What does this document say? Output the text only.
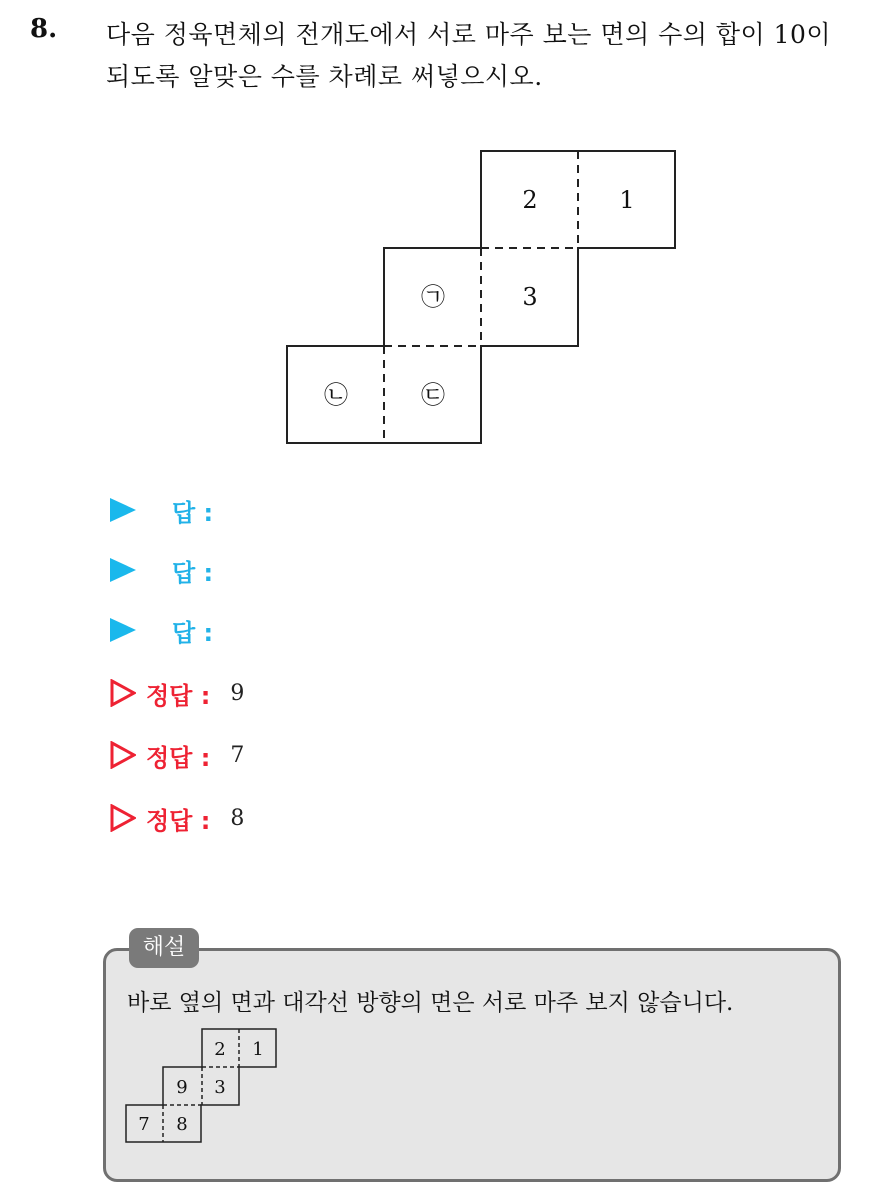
8. 다음 정육면체의 전개도에서 서로 마주 보는 면의 수의 합이 10이
되도록 알맞은 수를 차례로 써넣으시오.
2	1
㉠	3
㉡	㉢
답 :
답 :
답 :
정답 : 9
정답 : 7
정답 : 8
해설
바로 옆의 면과 대각선 방향의 면은 서로 마주 보지 않습니다.
2 1
9 3
7 8
